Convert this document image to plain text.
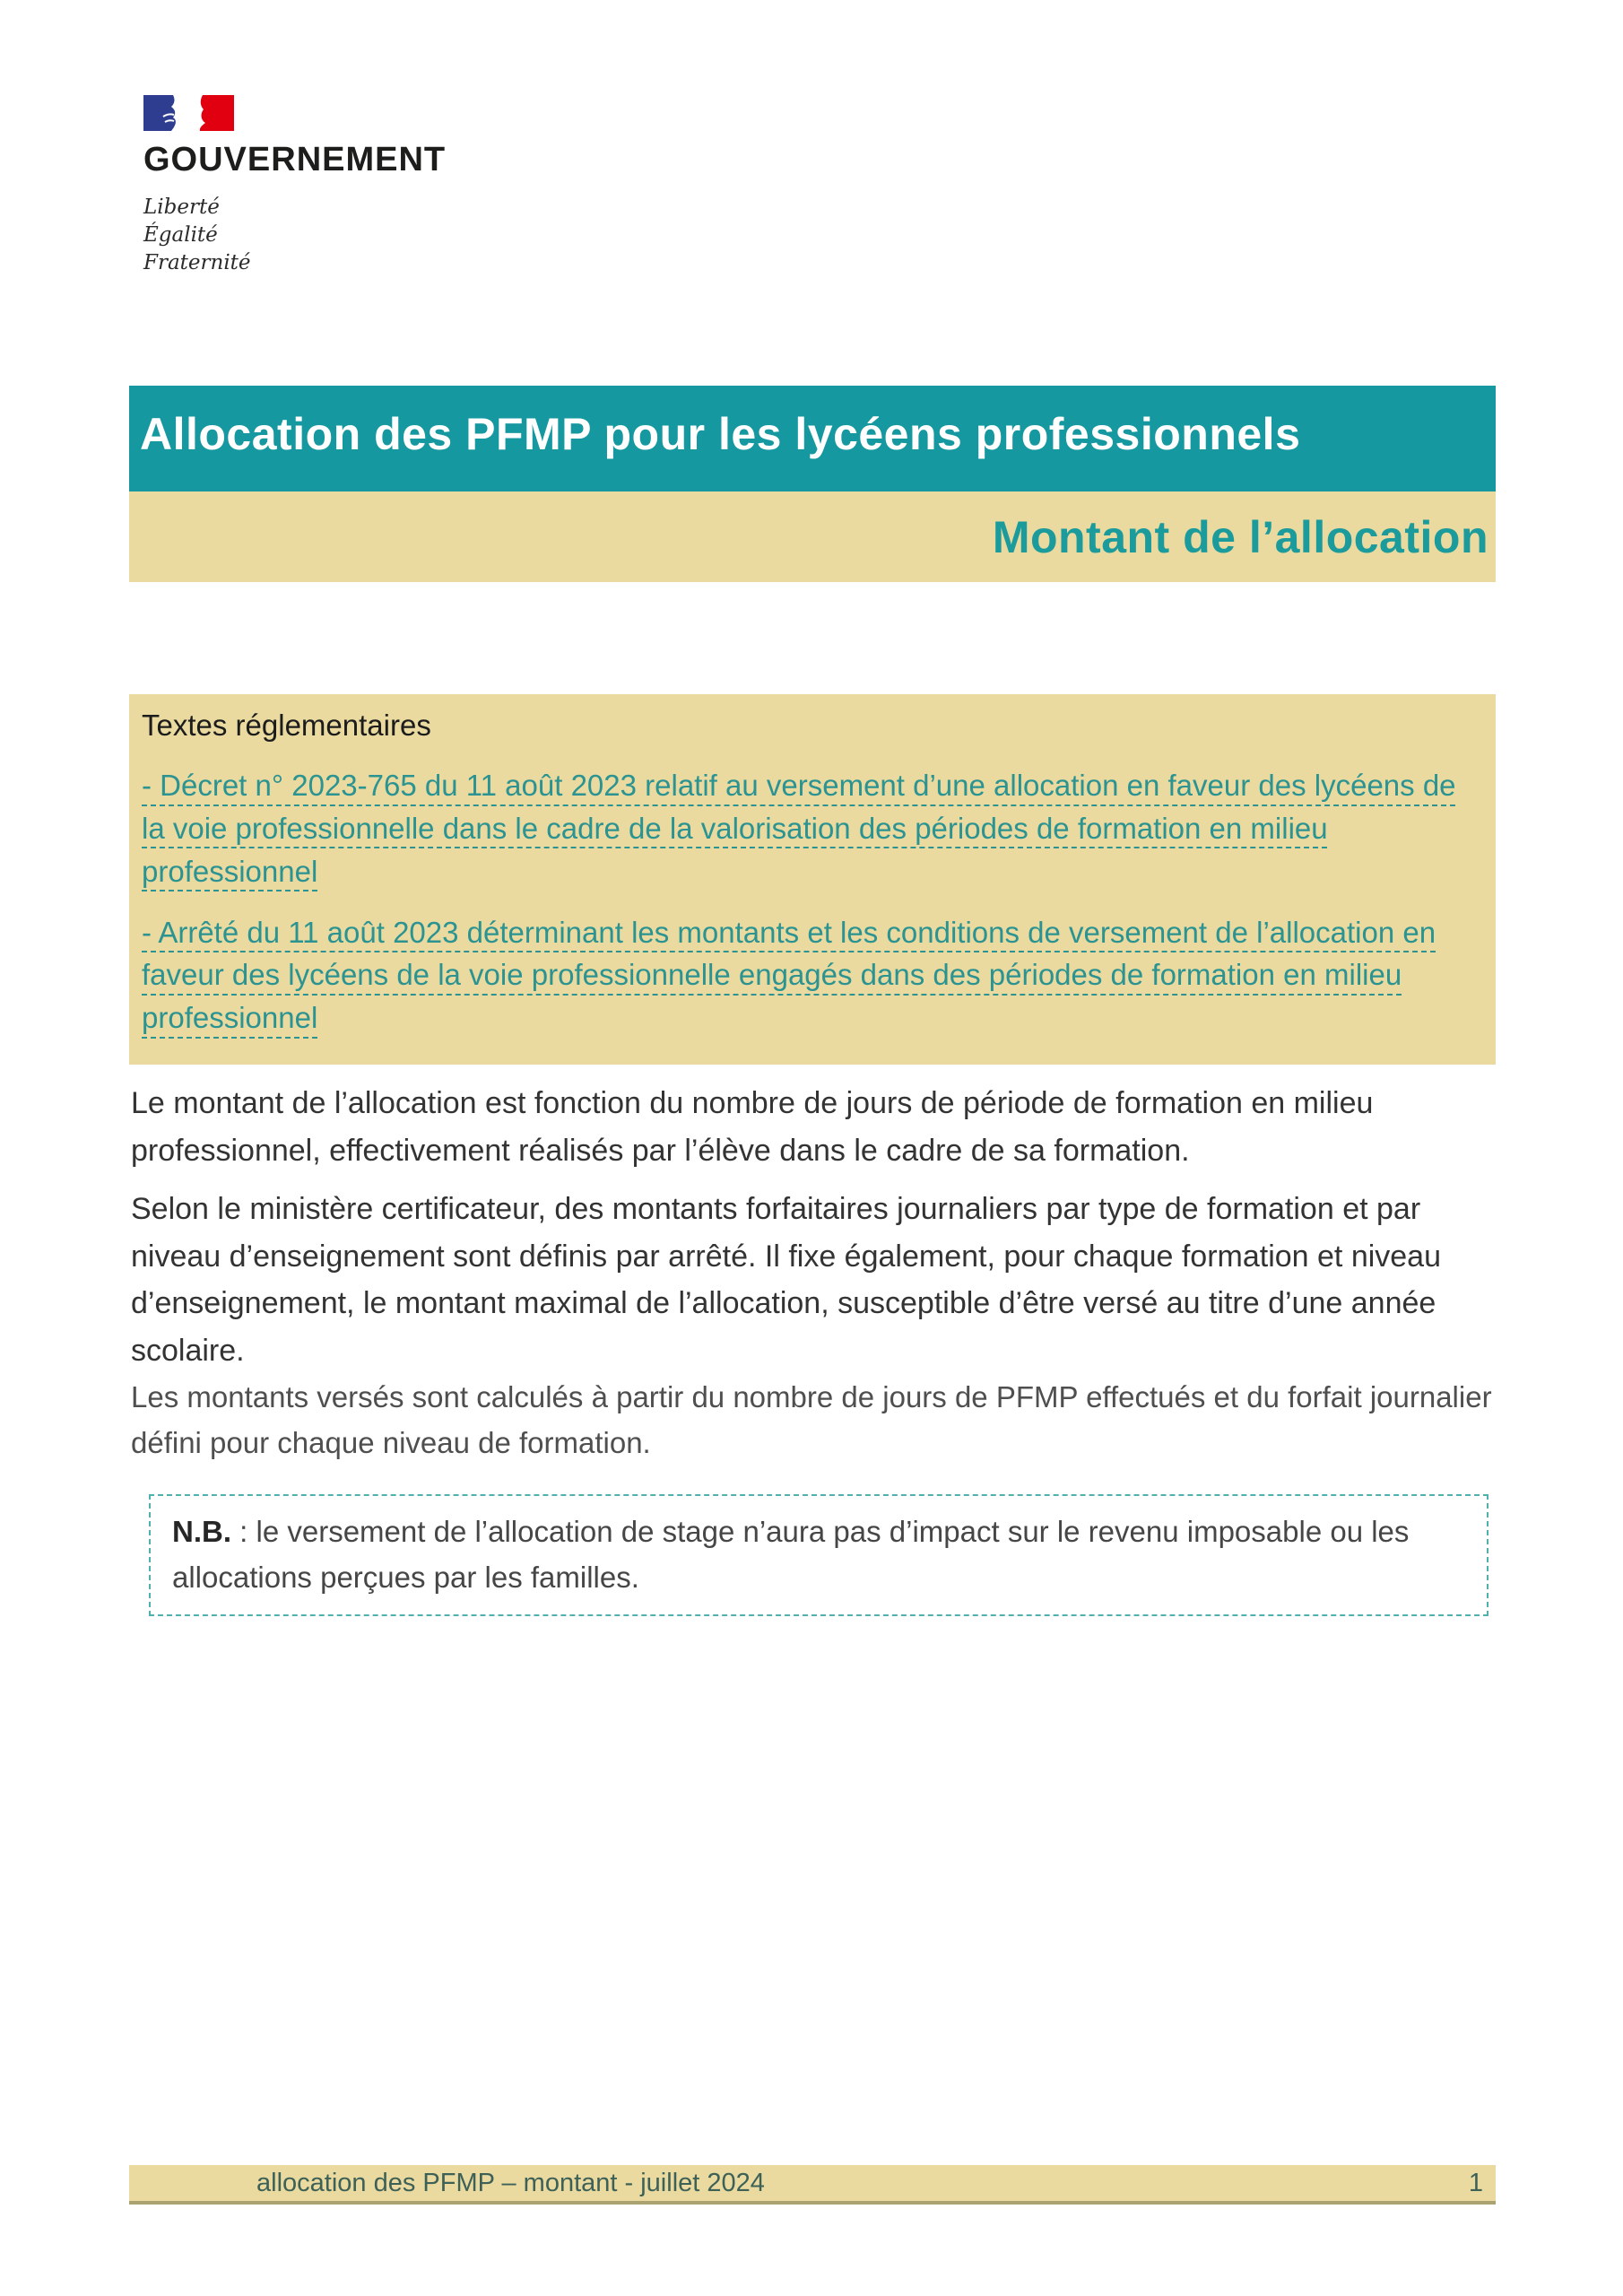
GOUVERNEMENT
Liberté
Égalité
Fraternité
Allocation des PFMP pour les lycéens professionnels
Montant de l’allocation

Textes réglementaires

- Décret n° 2023-765 du 11 août 2023 relatif au versement d’une allocation en faveur des lycéens de la voie professionnelle dans le cadre de la valorisation des périodes de formation en milieu professionnel
- Arrêté du 11 août 2023 déterminant les montants et les conditions de versement de l’allocation en faveur des lycéens de la voie professionnelle engagés dans des périodes de formation en milieu professionnel

Le montant de l’allocation est fonction du nombre de jours de période de formation en milieu professionnel, effectivement réalisés par l’élève dans le cadre de sa formation.

Selon le ministère certificateur, des montants forfaitaires journaliers par type de formation et par niveau d’enseignement sont définis par arrêté. Il fixe également, pour chaque formation et niveau d’enseignement, le montant maximal de l’allocation, susceptible d’être versé au titre d’une année scolaire.

Les montants versés sont calculés à partir du nombre de jours de PFMP effectués et du forfait journalier défini pour chaque niveau de formation.

N.B. : le versement de l’allocation de stage n’aura pas d’impact sur le revenu imposable ou les allocations perçues par les familles.
allocation des PFMP – montant - juillet 2024	1
